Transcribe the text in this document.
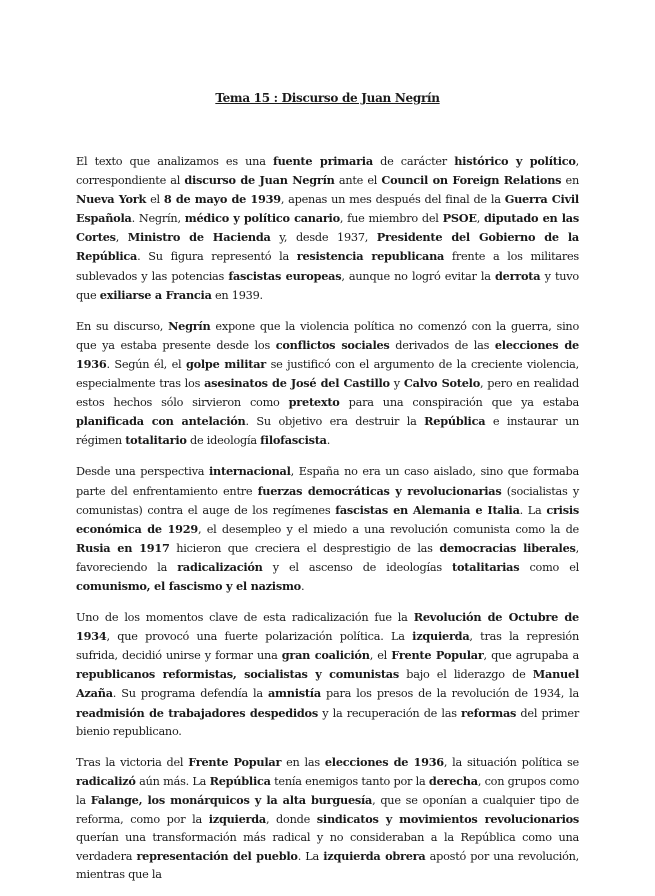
Tema 15 : Discurso de Juan Negrín

El texto que analizamos es una fuente primaria de carácter histórico y político, correspondiente al discurso de Juan Negrín ante el Council on Foreign Relations en Nueva York el 8 de mayo de 1939, apenas un mes después del final de la Guerra Civil Española. Negrín, médico y político canario, fue miembro del PSOE, diputado en las Cortes, Ministro de Hacienda y, desde 1937, Presidente del Gobierno de la República. Su figura representó la resistencia republicana frente a los militares sublevados y las potencias fascistas europeas, aunque no logró evitar la derrota y tuvo que exiliarse a Francia en 1939.

En su discurso, Negrín expone que la violencia política no comenzó con la guerra, sino que ya estaba presente desde los conflictos sociales derivados de las elecciones de 1936. Según él, el golpe militar se justificó con el argumento de la creciente violencia, especialmente tras los asesinatos de José del Castillo y Calvo Sotelo, pero en realidad estos hechos sólo sirvieron como pretexto para una conspiración que ya estaba planificada con antelación. Su objetivo era destruir la República e instaurar un régimen totalitario de ideología filofascista.

Desde una perspectiva internacional, España no era un caso aislado, sino que formaba parte del enfrentamiento entre fuerzas democráticas y revolucionarias (socialistas y comunistas) contra el auge de los regímenes fascistas en Alemania e Italia. La crisis económica de 1929, el desempleo y el miedo a una revolución comunista como la de Rusia en 1917 hicieron que creciera el desprestigio de las democracias liberales, favoreciendo la radicalización y el ascenso de ideologías totalitarias como el comunismo, el fascismo y el nazismo.

Uno de los momentos clave de esta radicalización fue la Revolución de Octubre de 1934, que provocó una fuerte polarización política. La izquierda, tras la represión sufrida, decidió unirse y formar una gran coalición, el Frente Popular, que agrupaba a republicanos reformistas, socialistas y comunistas bajo el liderazgo de Manuel Azaña. Su programa defendía la amnistía para los presos de la revolución de 1934, la readmisión de trabajadores despedidos y la recuperación de las reformas del primer bienio republicano.

Tras la victoria del Frente Popular en las elecciones de 1936, la situación política se radicalizó aún más. La República tenía enemigos tanto por la derecha, con grupos como la Falange, los monárquicos y la alta burguesía, que se oponían a cualquier tipo de reforma, como por la izquierda, donde sindicatos y movimientos revolucionarios querían una transformación más radical y no consideraban a la República como una verdadera representación del pueblo. La izquierda obrera apostó por una revolución, mientras que la
